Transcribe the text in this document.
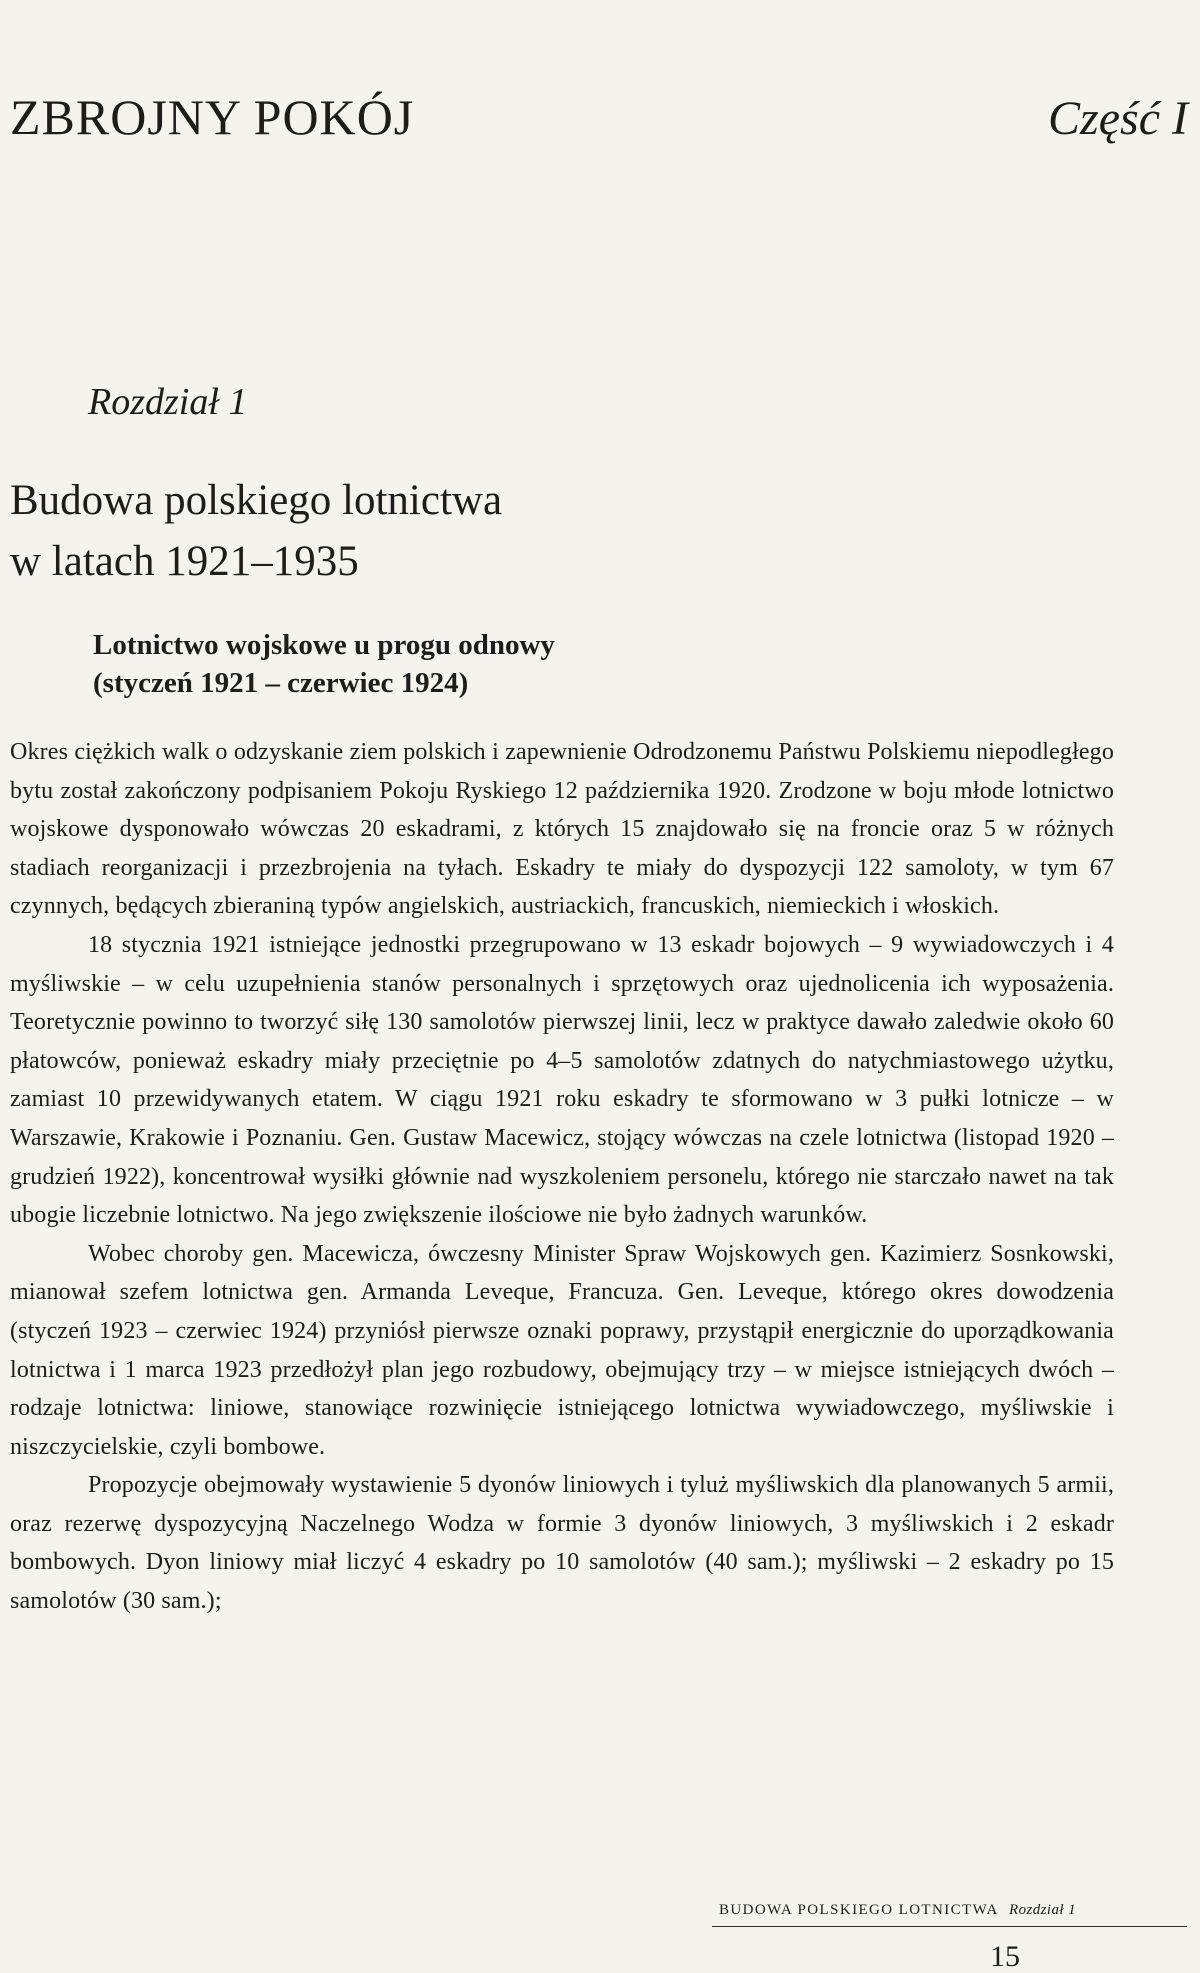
ZBROJNY POKÓJ	Część I
Rozdział 1
Budowa polskiego lotnictwa
w latach 1921–1935
Lotnictwo wojskowe u progu odnowy
(styczeń 1921 – czerwiec 1924)

Okres ciężkich walk o odzyskanie ziem polskich i zapewnienie Odrodzonemu Państwu Polskiemu niepodległego bytu został zakończony podpisaniem Pokoju Ryskiego 12 października 1920. Zrodzone w boju młode lotnictwo wojskowe dysponowało wówczas 20 eskadrami, z których 15 znajdowało się na froncie oraz 5 w różnych stadiach reorganizacji i przezbrojenia na tyłach. Eskadry te miały do dyspozycji 122 samoloty, w tym 67 czynnych, będących zbieraniną typów angielskich, austriackich, francuskich, niemieckich i włoskich.

18 stycznia 1921 istniejące jednostki przegrupowano w 13 eskadr bojowych – 9 wywiadowczych i 4 myśliwskie – w celu uzupełnienia stanów personalnych i sprzętowych oraz ujednolicenia ich wyposażenia. Teoretycznie powinno to tworzyć siłę 130 samolotów pierwszej linii, lecz w praktyce dawało zaledwie około 60 płatowców, ponieważ eskadry miały przeciętnie po 4–5 samolotów zdatnych do natychmiastowego użytku, zamiast 10 przewidywanych etatem. W ciągu 1921 roku eskadry te sformowano w 3 pułki lotnicze – w Warszawie, Krakowie i Poznaniu. Gen. Gustaw Macewicz, stojący wówczas na czele lotnictwa (listopad 1920 – grudzień 1922), koncentrował wysiłki głównie nad wyszkoleniem personelu, którego nie starczało nawet na tak ubogie liczebnie lotnictwo. Na jego zwiększenie ilościowe nie było żadnych warunków.

Wobec choroby gen. Macewicza, ówczesny Minister Spraw Wojskowych gen. Kazimierz Sosnkowski, mianował szefem lotnictwa gen. Armanda Leveque, Francuza. Gen. Leveque, którego okres dowodzenia (styczeń 1923 – czerwiec 1924) przyniósł pierwsze oznaki poprawy, przystąpił energicznie do uporządkowania lotnictwa i 1 marca 1923 przedłożył plan jego rozbudowy, obejmujący trzy – w miejsce istniejących dwóch – rodzaje lotnictwa: liniowe, stanowiące rozwinięcie istniejącego lotnictwa wywiadowczego, myśliwskie i niszczycielskie, czyli bombowe.

Propozycje obejmowały wystawienie 5 dyonów liniowych i tyluż myśliwskich dla planowanych 5 armii, oraz rezerwę dyspozycyjną Naczelnego Wodza w formie 3 dyonów liniowych, 3 myśliwskich i 2 eskadr bombowych. Dyon liniowy miał liczyć 4 eskadry po 10 samolotów (40 sam.); myśliwski – 2 eskadry po 15 samolotów (30 sam.);

BUDOWA POLSKIEGO LOTNICTWA Rozdział 1
15
